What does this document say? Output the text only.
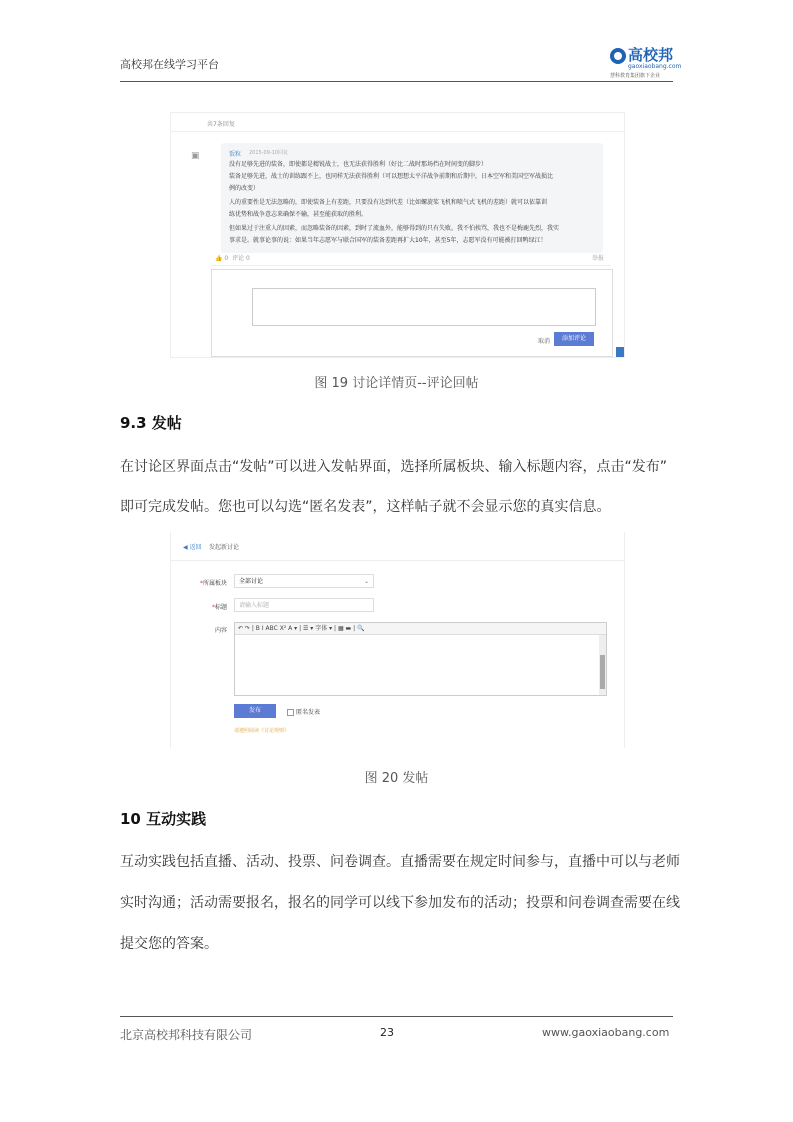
高校邦在线学习平台
高校邦
gaoxiaobang.com
慧科教育集团旗下企业
共7条回复
▣	饭粒 2015-09-10回复
没有足够先进的装备，即使都是精锐战士，也无法获得胜利（好比二战时那场挡在时间变的脚步）
装备足够先进，战士的训练跟不上，也同样无法获得胜利（可以想想太平洋战争前期和后期中，日本空军和美国空军战损比
例的改变）
人的重要性是无法忽略的，即使装备上有差距，只要没有达到代差（比如螺旋桨飞机和喷气式飞机的差距）就可以依靠训
练优势和战争意志来确保不输，甚至能获取的胜利。
但如果过于注重人的因素，而忽略装备的因素，到时了流血外，能够得到的只有失败。我不怕挨骂，我也不是梅鹿先烈，我实
事求是。就事论事的说：如果当年志愿军与联合国军的装备差距再扩大10年，甚至5年，志愿军没有可能被打回鸭绿江！
👍 0 评论 0	举报
取消	添加评论
图 19 讨论详情页--评论回帖
9.3 发帖
在讨论区界面点击“发帖”可以进入发帖界面，选择所属板块、输入标题内容，点击“发布”
即可完成发帖。您也可以勾选“匿名发表”，这样帖子就不会显示您的真实信息。
◀ 返回 发起新讨论
*所属板块	全部讨论	⌄
*标题	请输入标题
内容	↶ ↷ | B I ABC X² A ▾ | ☰ ▾ 字体 ▾ | ▦ ▬ | 🔍
发布	匿名发表
请遵照阅读《讨论规则》
图 20 发帖
10 互动实践
互动实践包括直播、活动、投票、问卷调查。直播需要在规定时间参与，直播中可以与老师
实时沟通；活动需要报名，报名的同学可以线下参加发布的活动；投票和问卷调查需要在线
提交您的答案。
北京高校邦科技有限公司	23	www.gaoxiaobang.com
